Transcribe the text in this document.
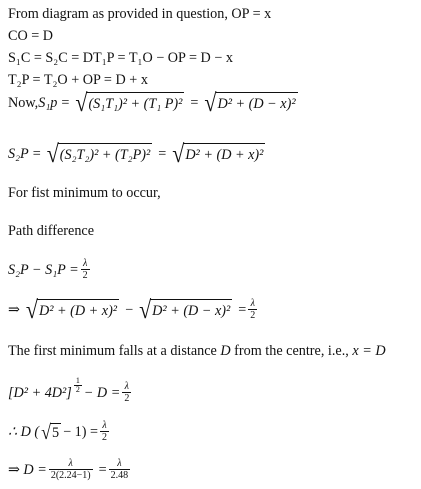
From diagram as provided in question, OP = x
CO = D
S₁C = S₂C = DT₁P = T₁O − OP = D − x
T₂P = T₂O + OP = D + x
Now, S₁p = √ (S₁T₁)² + (T₁ P)² = √ D² + (D − x)²
S₂P = √ (S₂T₂)² + (T₂P)² = √ D² + (D + x)²
For fist minimum to occur,
Path difference
$S_2P - S_1P = \frac{\lambda}{2}$
⇒ √ D² + (D + x)² − √ $D^2 + (D - x)^2 = \frac{\lambda}{2}$
The first minimum falls at a distance D from the centre, i.e., x = D
$[D^2 + 4D^2] \frac{1}{2} - D = \frac{\lambda}{2}$
∴ D ( √ $5 - 1) = \frac{\lambda}{2}$
⇒ $D = \frac{\lambda}{2(2.24-1)} = \frac{\lambda}{2.48}$
